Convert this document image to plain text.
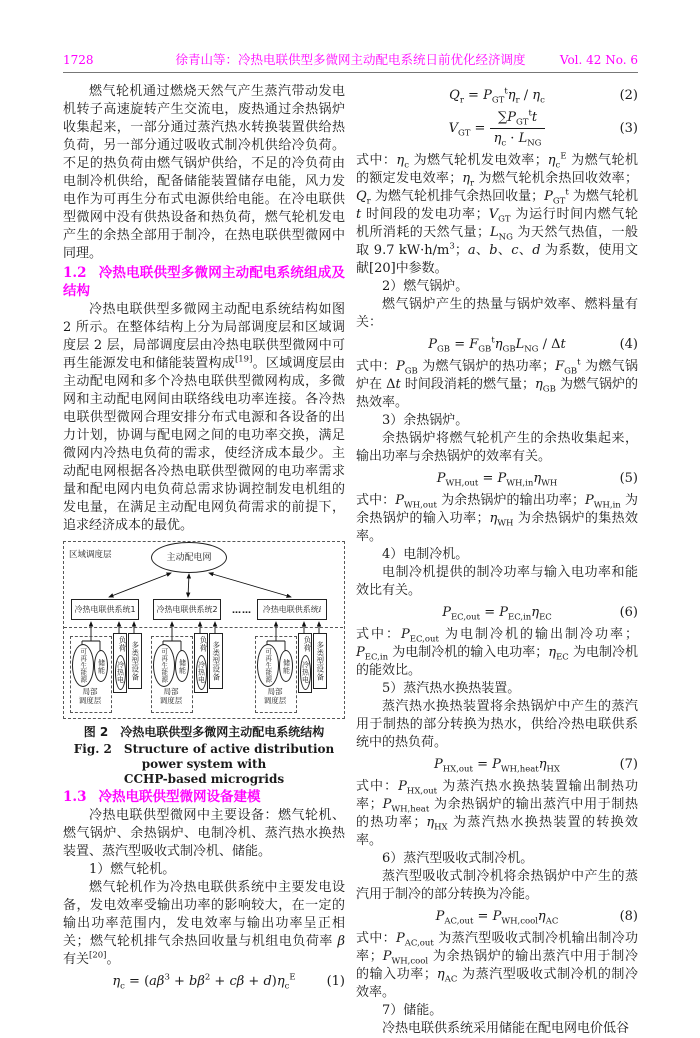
1728	徐青山等：冷热电联供型多微网主动配电系统日前优化经济调度	Vol. 42 No. 6

燃气轮机通过燃烧天然气产生蒸汽带动发电机转子高速旋转产生交流电，废热通过余热锅炉收集起来，一部分通过蒸汽热水转换装置供给热负荷，另一部分通过吸收式制冷机供给冷负荷。不足的热负荷由燃气锅炉供给，不足的冷负荷由电制冷机供给，配备储能装置储存电能，风力发电作为可再生分布式电源供给电能。在冷电联供型微网中没有供热设备和热负荷，燃气轮机发电产生的余热全部用于制冷，在热电联供型微网中同理。

1.2 冷热电联供型多微网主动配电系统组成及结构

冷热电联供型多微网主动配电系统结构如图 2 所示。在整体结构上分为局部调度层和区域调度层 2 层，局部调度层由冷热电联供型微网中可再生能源发电和储能装置构成[19]。区域调度层由主动配电网和多个冷热电联供型微网构成，多微网和主动配电网间由联络线电功率连接。各冷热电联供型微网合理安排分布式电源和各设备的出力计划，协调与配电网之间的电功率交换，满足微网内冷热电负荷的需求，使经济成本最少。主动配电网根据各冷热电联供型微网的电功率需求量和配电网内电负荷总需求协调控制发电机组的发电量，在满足主动配电网负荷需求的前提下，追求经济成本的最优。

区域调度层	主动配电网
冷热电联供系统1	冷热电联供系统2	……	冷热电联供系统 i
可再生能源 储能
局部
调度层
负荷
冷热电 多类型设备	可再生能源 储能
局部
调度层
负荷
冷热电 多类型设备	可再生能源 储能
局部
调度层
负荷
冷热电 多类型设备
图 2　冷热电联供型多微网主动配电系统结构
Fig. 2　Structure of active distribution power system with
CCHP-based microgrids
1.3 冷热电联供型微网设备建模

冷热电联供型微网中主要设备：燃气轮机、燃气锅炉、余热锅炉、电制冷机、蒸汽热水换热装置、蒸汽型吸收式制冷机、储能。

1）燃气轮机。

燃气轮机作为冷热电联供系统中主要发电设备，发电效率受输出功率的影响较大，在一定的输出功率范围内，发电效率与输出功率呈正相关；燃气轮机排气余热回收量与机组电负荷率 β 有关[20]。

$\eta_c = (a\beta^3 + b\beta^2 + c\beta + d)\eta_c^E$ (1)
$Q_r = P_{GT}^t\eta_r / \eta_c$	(2)
$V_{GT} = \frac{\sum P_{GT}^tt}{\eta_c \cdot L_{NG}}$	(3)

式中：$\eta_c$ 为燃气轮机发电效率；$\eta_c^E$ 为燃气轮机的额定发电效率；$\eta_r$ 为燃气轮机余热回收效率；$Q_r$ 为燃气轮机排气余热回收量；$P_{GT}^t$ 为燃气轮机 t 时间段的发电功率；$V_{GT}$ 为运行时间内燃气轮机所消耗的天然气量；$L_{NG}$ 为天然气热值，一般取 9.7 $kW\cdot h/m^3$；a、b、c、d 为系数，使用文献[20]中参数。

2）燃气锅炉。

燃气锅炉产生的热量与锅炉效率、燃料量有关：

$P_{GB} = F_{GB}^t\eta_{GB}L_{NG} / \Delta t$	(4)

式中：$P_{GB}$ 为燃气锅炉的热功率；$F_{GB}^t$ 为燃气锅炉在 Δt 时间段消耗的燃气量；$\eta_{GB}$ 为燃气锅炉的热效率。

3）余热锅炉。

余热锅炉将燃气轮机产生的余热收集起来，输出功率与余热锅炉的效率有关。

$P_{WH,out} = P_{WH,in}\eta_{WH}$	(5)

式中：$P_{WH,out}$ 为余热锅炉的输出功率；$P_{WH,in}$ 为余热锅炉的输入功率；$\eta_{WH}$ 为余热锅炉的集热效率。

4）电制冷机。

电制冷机提供的制冷功率与输入电功率和能效比有关。

$P_{EC,out} = P_{EC,in}\eta_{EC}$	(6)

式中：$P_{EC,out}$ 为电制冷机的输出制冷功率；$P_{EC,in}$ 为电制冷机的输入电功率；$\eta_{EC}$ 为电制冷机的能效比。

5）蒸汽热水换热装置。

蒸汽热水换热装置将余热锅炉中产生的蒸汽用于制热的部分转换为热水，供给冷热电联供系统中的热负荷。

$P_{HX,out} = P_{WH,heat}\eta_{HX}$	(7)

式中：$P_{HX,out}$ 为蒸汽热水换热装置输出制热功率；$P_{WH,heat}$ 为余热锅炉的输出蒸汽中用于制热的热功率；$\eta_{HX}$ 为蒸汽热水换热装置的转换效率。

6）蒸汽型吸收式制冷机。

蒸汽型吸收式制冷机将余热锅炉中产生的蒸汽用于制冷的部分转换为冷能。

$P_{AC,out} = P_{WH,cool}\eta_{AC}$	(8)

式中：$P_{AC,out}$ 为蒸汽型吸收式制冷机输出制冷功率；$P_{WH,cool}$ 为余热锅炉的输出蒸汽中用于制冷的输入功率；$\eta_{AC}$ 为蒸汽型吸收式制冷机的制冷效率。

7）储能。

冷热电联供系统采用储能在配电网电价低谷
